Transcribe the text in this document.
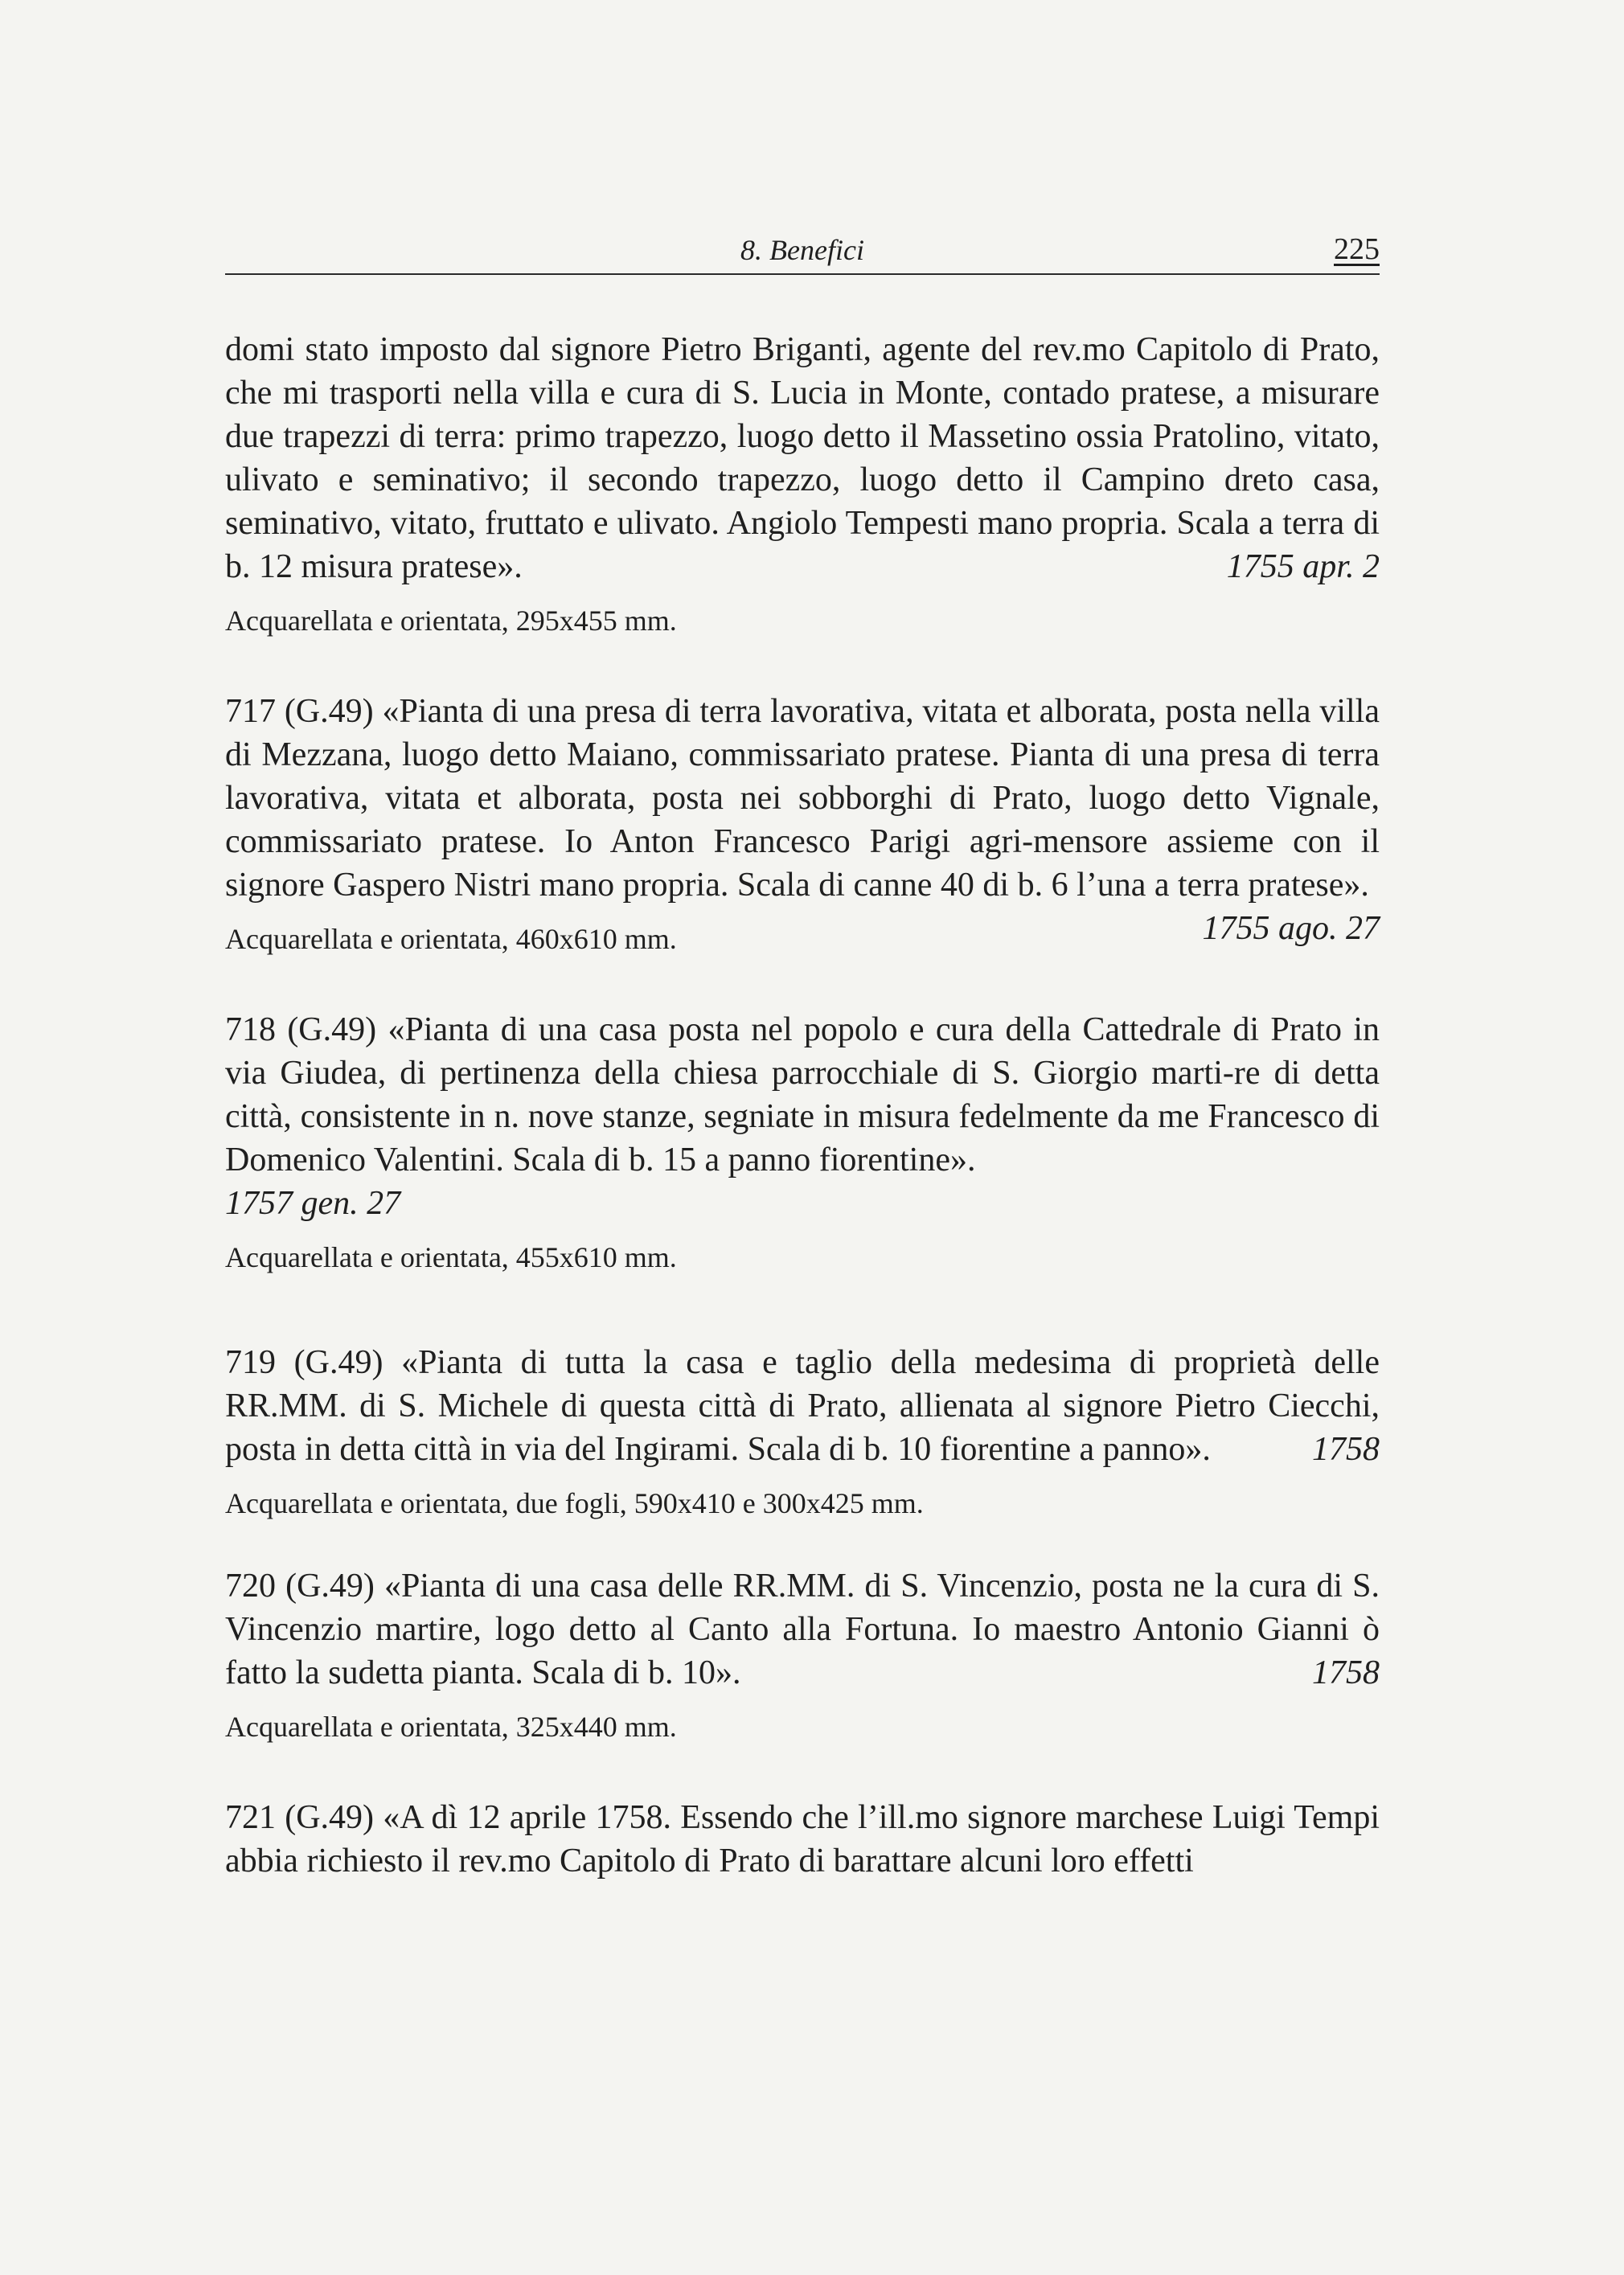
8. Benefici	225

domi stato imposto dal signore Pietro Briganti, agente del rev.mo Capitolo di Prato, che mi trasporti nella villa e cura di S. Lucia in Monte, contado pratese, a misurare due trapezzi di terra: primo trapezzo, luogo detto il Massetino ossia Pratolino, vitato, ulivato e seminativo; il secondo trapezzo, luogo detto il Campino dreto casa, seminativo, vitato, fruttato e ulivato. Angiolo Tempesti mano propria. Scala a terra di b. 12 misura pratese».	1755 apr. 2

Acquarellata e orientata, 295x455 mm.

717 (G.49) «Pianta di una presa di terra lavorativa, vitata et alborata, posta nella villa di Mezzana, luogo detto Maiano, commissariato pratese. Pianta di una presa di terra lavorativa, vitata et alborata, posta nei sobborghi di Prato, luogo detto Vignale, commissariato pratese. Io Anton Francesco Parigi agri-mensore assieme con il signore Gaspero Nistri mano propria. Scala di canne 40 di b. 6 l’una a terra pratese».
1755 ago. 27

Acquarellata e orientata, 460x610 mm.

718 (G.49) «Pianta di una casa posta nel popolo e cura della Cattedrale di Prato in via Giudea, di pertinenza della chiesa parrocchiale di S. Giorgio marti-re di detta città, consistente in n. nove stanze, segniate in misura fedelmente da me Francesco di Domenico Valentini. Scala di b. 15 a panno fiorentine».
1757 gen. 27

Acquarellata e orientata, 455x610 mm.

719 (G.49) «Pianta di tutta la casa e taglio della medesima di proprietà delle RR.MM. di S. Michele di questa città di Prato, allienata al signore Pietro Ciecchi, posta in detta città in via del Ingirami. Scala di b. 10 fiorentine a panno».	1758

Acquarellata e orientata, due fogli, 590x410 e 300x425 mm.

720 (G.49) «Pianta di una casa delle RR.MM. di S. Vincenzio, posta ne la cura di S. Vincenzio martire, logo detto al Canto alla Fortuna. Io maestro Antonio Gianni ò fatto la sudetta pianta. Scala di b. 10».	1758

Acquarellata e orientata, 325x440 mm.

721 (G.49) «A dì 12 aprile 1758. Essendo che l’ill.mo signore marchese Luigi Tempi abbia richiesto il rev.mo Capitolo di Prato di barattare alcuni loro effetti
